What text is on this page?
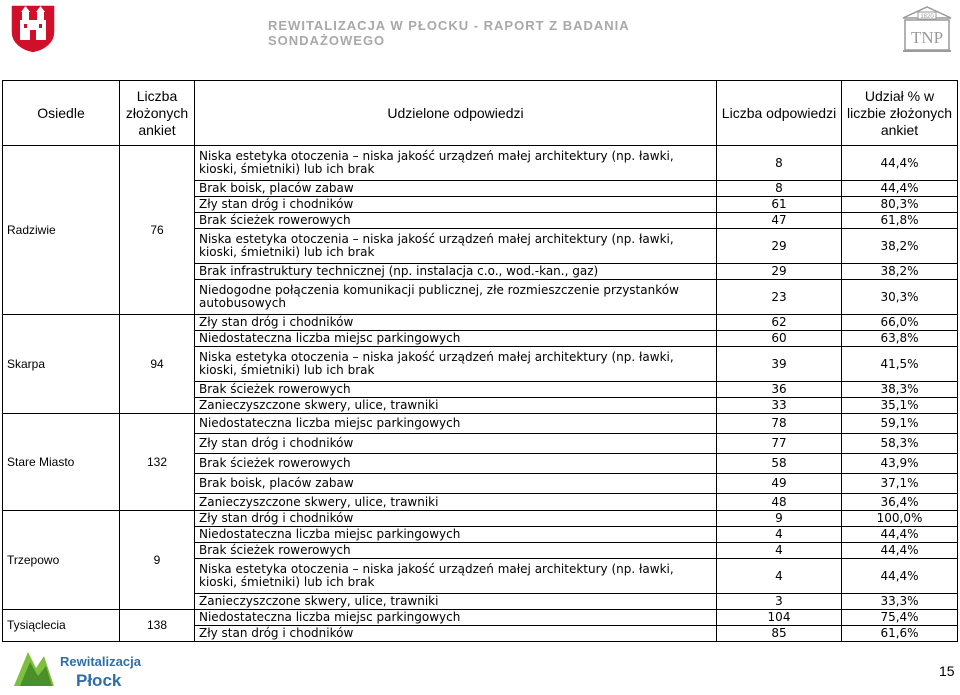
REWITALIZACJA W PŁOCKU - RAPORT Z BADANIA SONDAŻOWEGO
1820
TNP
Osiedle	Liczba złożonych ankiet	Udzielone odpowiedzi	Liczba odpowiedzi	Udział % w liczbie złożonych ankiet
Radziwie	76	Niska estetyka otoczenia – niska jakość urządzeń małej architektury (np. ławki, kioski, śmietniki) lub ich brak	8	44,4%
		Brak boisk, placów zabaw	8	44,4%
		Zły stan dróg i chodników	61	80,3%
		Brak ścieżek rowerowych	47	61,8%
		Niska estetyka otoczenia – niska jakość urządzeń małej architektury (np. ławki, kioski, śmietniki) lub ich brak	29	38,2%
		Brak infrastruktury technicznej (np. instalacja c.o., wod.-kan., gaz)	29	38,2%
		Niedogodne połączenia komunikacji publicznej, złe rozmieszczenie przystanków autobusowych	23	30,3%
Skarpa	94	Zły stan dróg i chodników	62	66,0%
		Niedostateczna liczba miejsc parkingowych	60	63,8%
		Niska estetyka otoczenia – niska jakość urządzeń małej architektury (np. ławki, kioski, śmietniki) lub ich brak	39	41,5%
		Brak ścieżek rowerowych	36	38,3%
		Zanieczyszczone skwery, ulice, trawniki	33	35,1%
Stare Miasto	132	Niedostateczna liczba miejsc parkingowych	78	59,1%
		Zły stan dróg i chodników	77	58,3%
		Brak ścieżek rowerowych	58	43,9%
		Brak boisk, placów zabaw	49	37,1%
		Zanieczyszczone skwery, ulice, trawniki	48	36,4%
Trzepowo	9	Zły stan dróg i chodników	9	100,0%
		Niedostateczna liczba miejsc parkingowych	4	44,4%
		Brak ścieżek rowerowych	4	44,4%
		Niska estetyka otoczenia – niska jakość urządzeń małej architektury (np. ławki, kioski, śmietniki) lub ich brak	4	44,4%
		Zanieczyszczone skwery, ulice, trawniki	3	33,3%
Tysiąclecia	138	Niedostateczna liczba miejsc parkingowych	104	75,4%
		Zły stan dróg i chodników	85	61,6%
Rewitalizacja
Płock	15
